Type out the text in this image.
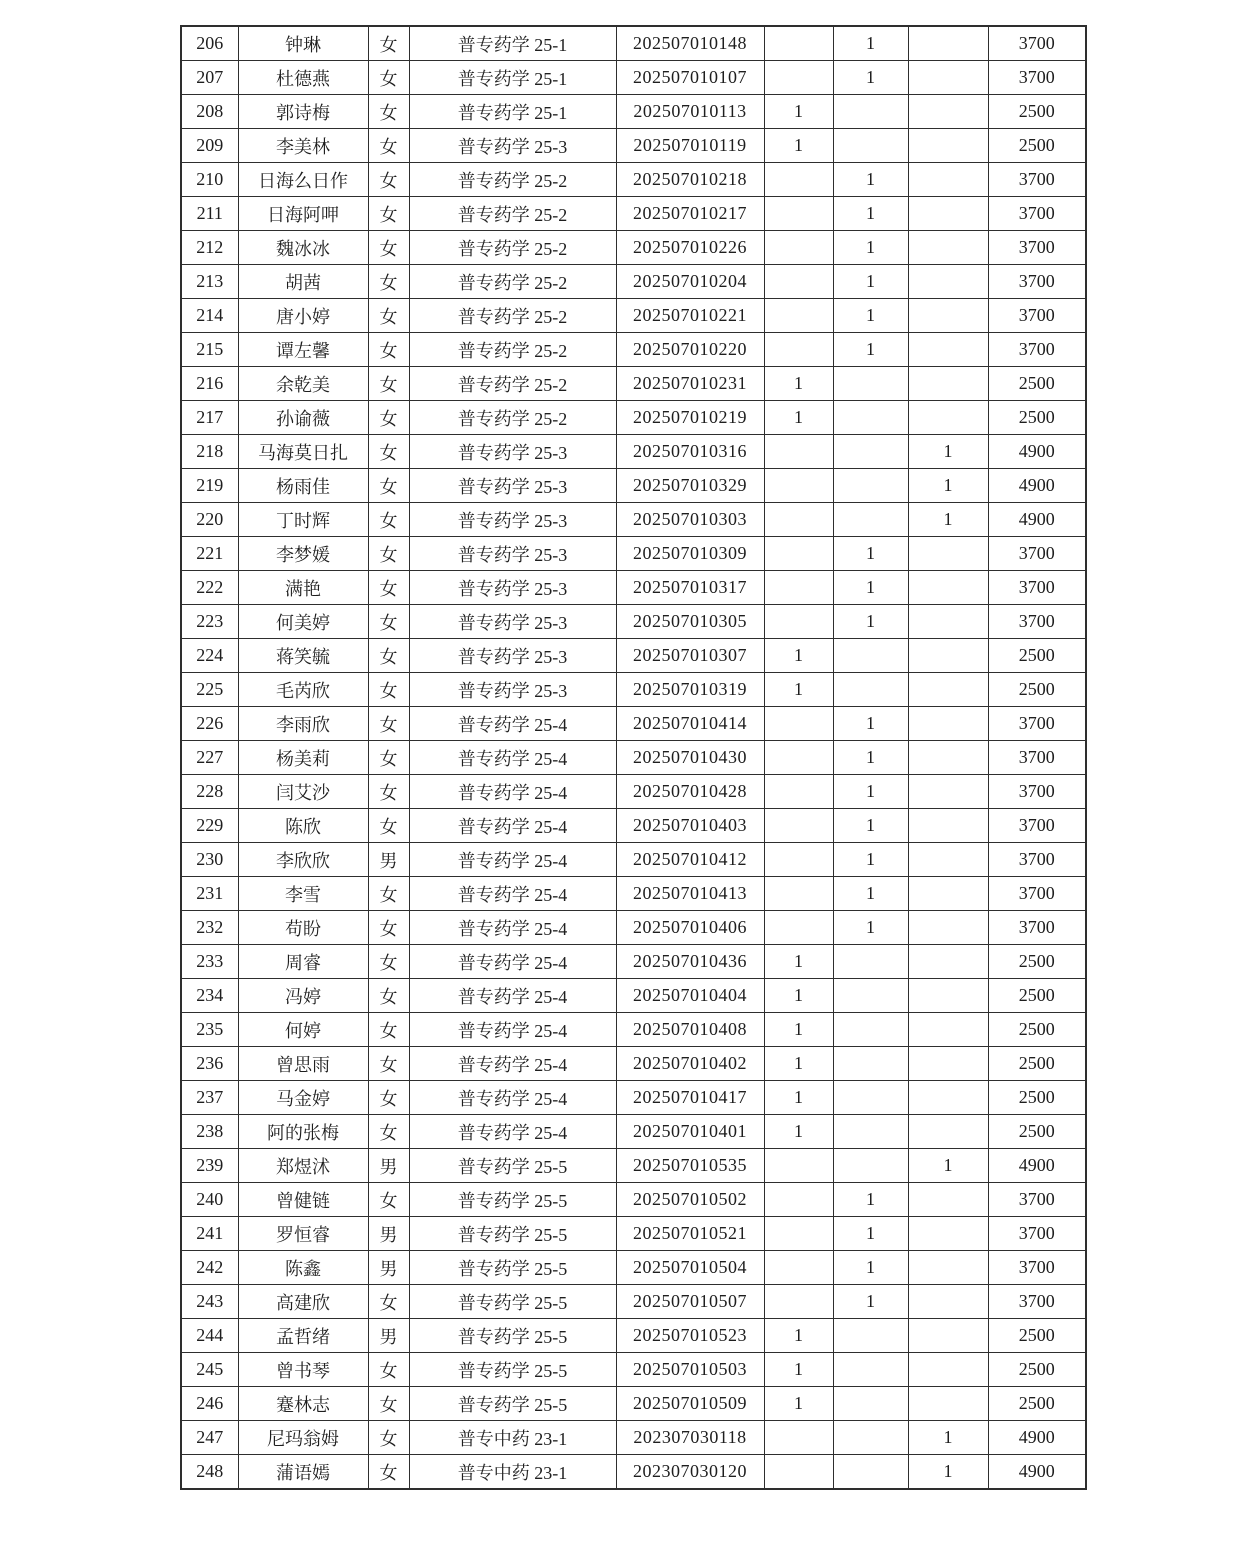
206	钟琳	女	普专药学 25-1	202507010148		1		3700
207	杜德燕	女	普专药学 25-1	202507010107		1		3700
208	郭诗梅	女	普专药学 25-1	202507010113	1			2500
209	李美林	女	普专药学 25-3	202507010119	1			2500
210	日海么日作	女	普专药学 25-2	202507010218		1		3700
211	日海阿呷	女	普专药学 25-2	202507010217		1		3700
212	魏冰冰	女	普专药学 25-2	202507010226		1		3700
213	胡茜	女	普专药学 25-2	202507010204		1		3700
214	唐小婷	女	普专药学 25-2	202507010221		1		3700
215	谭左馨	女	普专药学 25-2	202507010220		1		3700
216	余乾美	女	普专药学 25-2	202507010231	1			2500
217	孙谕薇	女	普专药学 25-2	202507010219	1			2500
218	马海莫日扎	女	普专药学 25-3	202507010316			1	4900
219	杨雨佳	女	普专药学 25-3	202507010329			1	4900
220	丁时辉	女	普专药学 25-3	202507010303			1	4900
221	李梦媛	女	普专药学 25-3	202507010309		1		3700
222	满艳	女	普专药学 25-3	202507010317		1		3700
223	何美婷	女	普专药学 25-3	202507010305		1		3700
224	蒋笑毓	女	普专药学 25-3	202507010307	1			2500
225	毛芮欣	女	普专药学 25-3	202507010319	1			2500
226	李雨欣	女	普专药学 25-4	202507010414		1		3700
227	杨美莉	女	普专药学 25-4	202507010430		1		3700
228	闫艾沙	女	普专药学 25-4	202507010428		1		3700
229	陈欣	女	普专药学 25-4	202507010403		1		3700
230	李欣欣	男	普专药学 25-4	202507010412		1		3700
231	李雪	女	普专药学 25-4	202507010413		1		3700
232	苟盼	女	普专药学 25-4	202507010406		1		3700
233	周睿	女	普专药学 25-4	202507010436	1			2500
234	冯婷	女	普专药学 25-4	202507010404	1			2500
235	何婷	女	普专药学 25-4	202507010408	1			2500
236	曾思雨	女	普专药学 25-4	202507010402	1			2500
237	马金婷	女	普专药学 25-4	202507010417	1			2500
238	阿的张梅	女	普专药学 25-4	202507010401	1			2500
239	郑煜沭	男	普专药学 25-5	202507010535			1	4900
240	曾健链	女	普专药学 25-5	202507010502		1		3700
241	罗恒睿	男	普专药学 25-5	202507010521		1		3700
242	陈鑫	男	普专药学 25-5	202507010504		1		3700
243	高建欣	女	普专药学 25-5	202507010507		1		3700
244	孟哲绪	男	普专药学 25-5	202507010523	1			2500
245	曾书琴	女	普专药学 25-5	202507010503	1			2500
246	蹇林志	女	普专药学 25-5	202507010509	1			2500
247	尼玛翁姆	女	普专中药 23-1	202307030118			1	4900
248	蒲语嫣	女	普专中药 23-1	202307030120			1	4900
